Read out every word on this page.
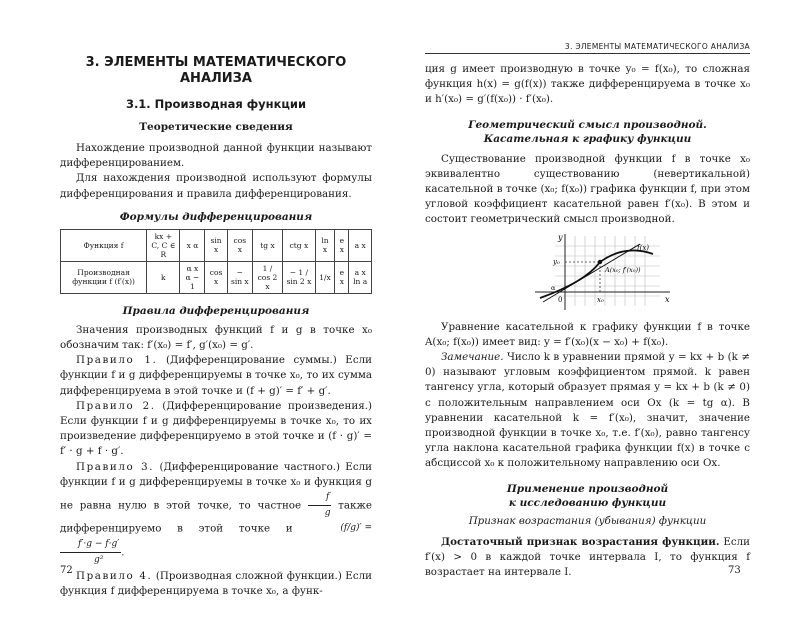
3. ЭЛЕМЕНТЫ МАТЕМАТИЧЕСКОГО АНАЛИЗА
3.1. Производная функции
Теоретические сведения

Нахождение производной данной функции называют дифференцированием.

Для нахождения производной используют формулы дифференцирования и правила дифференцирования.

Формулы дифференцирования
Функция f	kx + C, C ∈ R	x α	sin x	cos x	tg x	ctg x	ln x	e x	a x
Производная функции f (f′(x))	k	α x α − 1	cos x	− sin x	1 / cos 2 x	− 1 / sin 2 x	1/x	e x	a x ln a
Правила дифференцирования

Значения производных функций f и g в точке x₀ обозначим так: f′(x₀) = f′, g′(x₀) = g′.

Правило 1. (Дифференцирование суммы.) Если функции f и g дифференцируемы в точке x₀, то их сумма дифференцируема в этой точке и (f + g)′ = f′ + g′.

Правило 2. (Дифференцирование произведения.) Если функции f и g дифференцируемы в точке x₀, то их произведение дифференцируемо в этой точке и (f · g)′ = f′ · g + f · g′.

Правило 3. (Дифференцирование частного.) Если функции f и g дифференцируемы в точке x₀ и функция g не равна нулю в этой точке, то частное $\frac{f}{g}$ также дифференцируемо в этой точке и	(f/g)′ =
$\frac{f'\cdot g - f\cdot g'}{\text{g²}}$ .

Правило 4. (Производная сложной функции.) Если функция f дифференцируема в точке x₀, а функ-

72
3. ЭЛЕМЕНТЫ МАТЕМАТИЧЕСКОГО АНАЛИЗА

ция g имеет производную в точке y₀ = f(x₀), то сложная функция h(x) = g(f(x)) также дифференцируема в точке x₀ и h′(x₀) = g′(f(x₀)) · f′(x₀).

Геометрический смысл производной.
Касательная к графику функции

Существование производной функции f в точке x₀ эквивалентно существованию (невертикальной) касательной в точке (x₀; f(x₀)) графика функции f, при этом угловой коэффициент касательной равен f′(x₀). В этом и состоит геометрический смысл производной.

y
x
0
y₀
x₀
f(x)
A(x₀; f′(x₀))
α

Уравнение касательной к графику функции f в точке A(x₀; f(x₀)) имеет вид: y = f′(x₀)(x − x₀) + f(x₀).

Замечание. Число k в уравнении прямой y = kx + b (k ≠ 0) называют угловым коэффициентом прямой. k равен тангенсу угла, который образует прямая y = kx + b (k ≠ 0) с положительным направлением оси Ox (k = tg α). В уравнении касательной k = f′(x₀), значит, значение производной функции в точке x₀, т.е. f′(x₀), равно тангенсу угла наклона касательной графика функции f(x) в точке с абсциссой x₀ к положительному направлению оси Ox.

Применение производной
к исследованию функции
Признак возрастания (убывания) функции

Достаточный признак возрастания функции. Если f′(x) > 0 в каждой точке интервала I, то функция f возрастает на интервале I.	73
